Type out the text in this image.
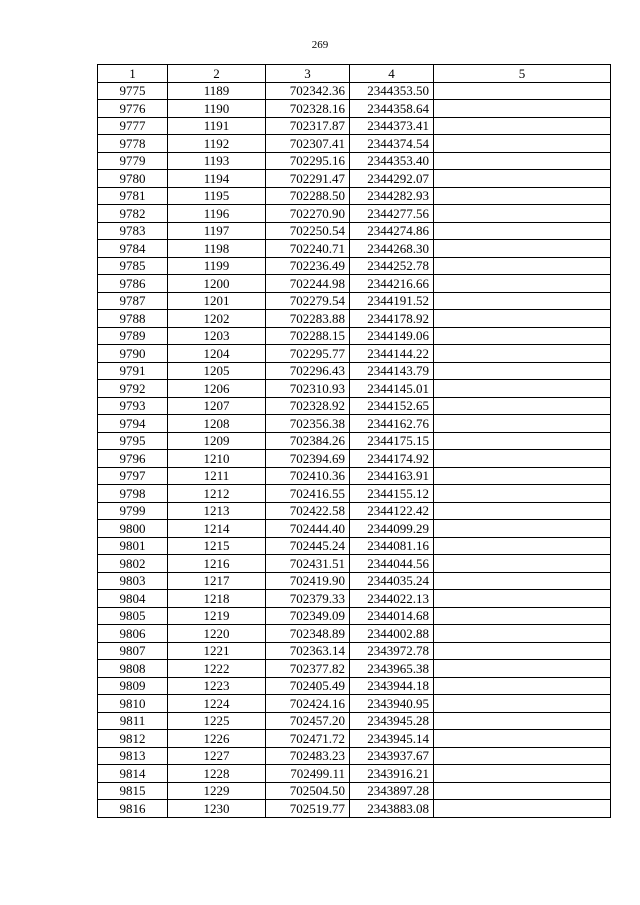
269
1	2	3	4	5
9775	1189	702342.36	2344353.50	
9776	1190	702328.16	2344358.64	
9777	1191	702317.87	2344373.41	
9778	1192	702307.41	2344374.54	
9779	1193	702295.16	2344353.40	
9780	1194	702291.47	2344292.07	
9781	1195	702288.50	2344282.93	
9782	1196	702270.90	2344277.56	
9783	1197	702250.54	2344274.86	
9784	1198	702240.71	2344268.30	
9785	1199	702236.49	2344252.78	
9786	1200	702244.98	2344216.66	
9787	1201	702279.54	2344191.52	
9788	1202	702283.88	2344178.92	
9789	1203	702288.15	2344149.06	
9790	1204	702295.77	2344144.22	
9791	1205	702296.43	2344143.79	
9792	1206	702310.93	2344145.01	
9793	1207	702328.92	2344152.65	
9794	1208	702356.38	2344162.76	
9795	1209	702384.26	2344175.15	
9796	1210	702394.69	2344174.92	
9797	1211	702410.36	2344163.91	
9798	1212	702416.55	2344155.12	
9799	1213	702422.58	2344122.42	
9800	1214	702444.40	2344099.29	
9801	1215	702445.24	2344081.16	
9802	1216	702431.51	2344044.56	
9803	1217	702419.90	2344035.24	
9804	1218	702379.33	2344022.13	
9805	1219	702349.09	2344014.68	
9806	1220	702348.89	2344002.88	
9807	1221	702363.14	2343972.78	
9808	1222	702377.82	2343965.38	
9809	1223	702405.49	2343944.18	
9810	1224	702424.16	2343940.95	
9811	1225	702457.20	2343945.28	
9812	1226	702471.72	2343945.14	
9813	1227	702483.23	2343937.67	
9814	1228	702499.11	2343916.21	
9815	1229	702504.50	2343897.28	
9816	1230	702519.77	2343883.08	
